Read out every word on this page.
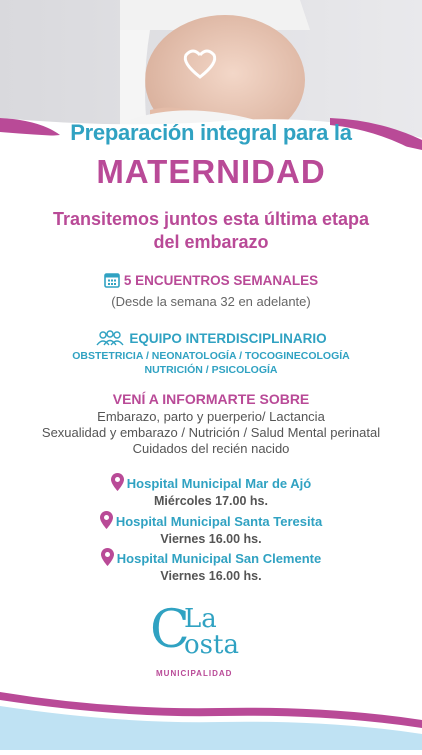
Preparación integral para la
MATERNIDAD
Transitemos juntos esta última etapa
del embarazo
5 ENCUENTROS SEMANALES
(Desde la semana 32 en adelante)
EQUIPO INTERDISCIPLINARIO
OBSTETRICIA / NEONATOLOGÍA / TOCOGINECOLOGÍA
NUTRICIÓN / PSICOLOGÍA
VENÍ A INFORMARTE SOBRE
Embarazo, parto y puerperio/ Lactancia
Sexualidad y embarazo / Nutrición / Salud Mental perinatal
Cuidados del recién nacido
Hospital Municipal Mar de Ajó
Miércoles 17.00 hs.
Hospital Municipal Santa Teresita
Viernes 16.00 hs.
Hospital Municipal San Clemente
Viernes 16.00 hs.
C
La
osta
MUNICIPALIDAD
